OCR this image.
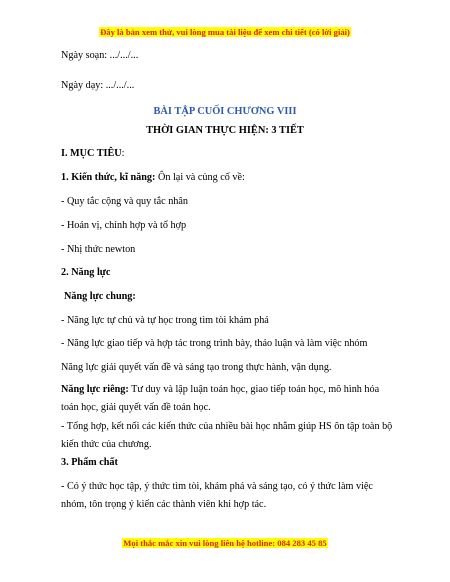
Đây là bản xem thử, vui lòng mua tài liệu để xem chi tiết (có lời giải)
Ngày soạn: .../.../...
Ngày dạy: .../.../...
BÀI TẬP CUỐI CHƯƠNG VIII
THỜI GIAN THỰC HIỆN: 3 TIẾT
I. MỤC TIÊU:
1. Kiến thức, kĩ năng: Ôn lại và củng cố về:
- Quy tắc cộng và quy tắc nhân
- Hoán vị, chỉnh hợp và tổ hợp
- Nhị thức newton
2. Năng lực
Năng lực chung:
- Năng lực tự chủ và tự học trong tìm tòi khám phá
- Năng lực giao tiếp và hợp tác trong trình bày, thảo luận và làm việc nhóm
Năng lực giải quyết vấn đề và sáng tạo trong thực hành, vận dụng.
Năng lực riêng: Tư duy và lập luận toán học, giao tiếp toán học, mô hình hóa toán học, giải quyết vấn đề toán học.
- Tổng hợp, kết nối các kiến thức của nhiều bài học nhằm giúp HS ôn tập toàn bộ kiến thức của chương.
3. Phẩm chất
- Có ý thức học tập, ý thức tìm tòi, khám phá và sáng tạo, có ý thức làm việc nhóm, tôn trọng ý kiến các thành viên khi hợp tác.
Mọi thắc mắc xin vui lòng liên hệ hotline: 084 283 45 85
